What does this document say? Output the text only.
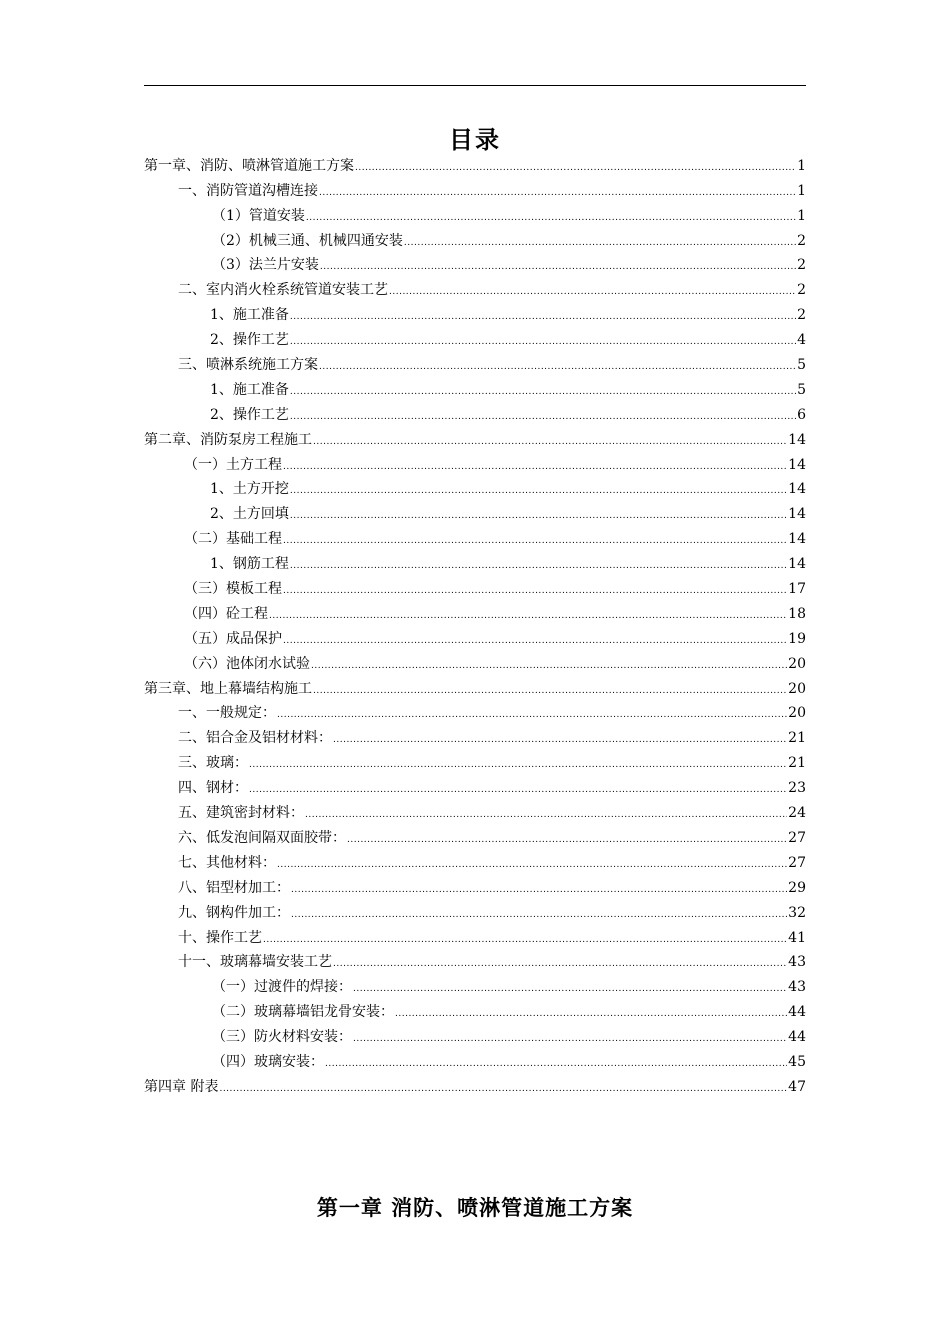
目录
第一章、消防、喷淋管道施工方案 .....	1
一、消防管道沟槽连接 .....	1
（1）管道安装 .....	1
（2）机械三通、机械四通安装 .....	2
（3）法兰片安装 .....	2
二、室内消火栓系统管道安装工艺 .....	2
1、施工准备 .....	2
2、操作工艺 .....	4
三、喷淋系统施工方案 .....	5
1、施工准备 .....	5
2、操作工艺 .....	6
第二章、消防泵房工程施工 .....	14
（一）土方工程 .....	14
1、土方开挖 .....	14
2、土方回填 .....	14
（二）基础工程 .....	14
1、钢筋工程 .....	14
（三）模板工程 .....	17
（四）砼工程 .....	18
（五）成品保护 .....	19
（六）池体闭水试验 .....	20
第三章、地上幕墙结构施工 .....	20
一、一般规定： .....	20
二、铝合金及铝材材料： .....	21
三、玻璃： .....	21
四、钢材： .....	23
五、建筑密封材料： .....	24
六、低发泡间隔双面胶带： .....	27
七、其他材料： .....	27
八、铝型材加工： .....	29
九、钢构件加工： .....	32
十、操作工艺 .....	41
十一、玻璃幕墙安装工艺 .....	43
（一）过渡件的焊接： .....	43
（二）玻璃幕墙铝龙骨安装： .....	44
（三）防火材料安装： .....	44
（四）玻璃安装： .....	45
第四章 附表 .....	47
第一章 消防、喷淋管道施工方案
